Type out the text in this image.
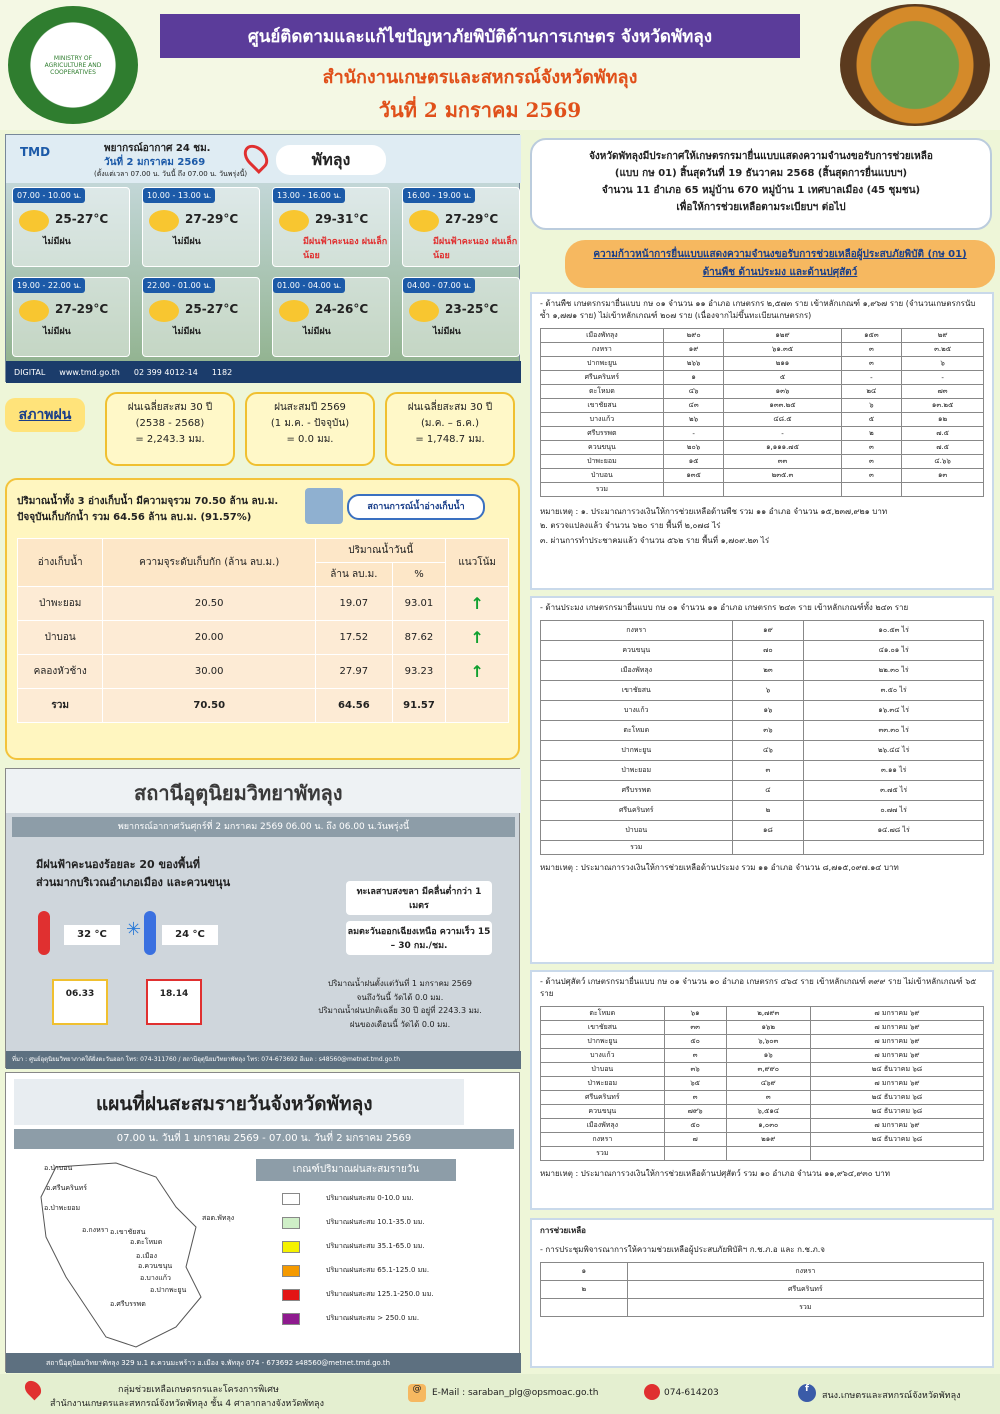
MINISTRY OF AGRICULTURE AND COOPERATIVES
ศูนย์ติดตามและแก้ไขปัญหาภัยพิบัติด้านการเกษตร จังหวัดพัทลุง
สำนักงานเกษตรและสหกรณ์จังหวัดพัทลุง
วันที่ 2 มกราคม 2569
TMD	พยากรณ์อากาศ 24 ชม.
วันที่ 2 มกราคม 2569
(ตั้งแต่เวลา 07.00 น. วันนี้ ถึง 07.00 น. วันพรุ่งนี้)
พัทลุง
07.00 - 10.00 น.
25-27°C
ไม่มีฝน
10.00 - 13.00 น.
27-29°C
ไม่มีฝน
13.00 - 16.00 น.
29-31°C
มีฝนฟ้าคะนอง ฝนเล็กน้อย
16.00 - 19.00 น.
27-29°C
มีฝนฟ้าคะนอง ฝนเล็กน้อย
19.00 - 22.00 น.
27-29°C
ไม่มีฝน
22.00 - 01.00 น.
25-27°C
ไม่มีฝน
01.00 - 04.00 น.
24-26°C
ไม่มีฝน
04.00 - 07.00 น.
23-25°C
ไม่มีฝน
DIGITAL www.tmd.go.th 02 399 4012-14 1182
สภาพฝน	ฝนเฉลี่ยสะสม 30 ปี
(2538 - 2568)
= 2,243.3 มม.
ฝนสะสมปี 2569
(1 ม.ค. - ปัจจุบัน)
= 0.0 มม.
ฝนเฉลี่ยสะสม 30 ปี
(ม.ค. – ธ.ค.)
= 1,748.7 มม.
ปริมาณน้ำทั้ง 3 อ่างเก็บน้ำ มีความจุรวม 70.50 ล้าน ลบ.ม.
ปัจจุบันเก็บกักน้ำ รวม 64.56 ล้าน ลบ.ม. (91.57%)
สถานการณ์น้ำอ่างเก็บน้ำ
อ่างเก็บน้ำ	ความจุระดับเก็บกัก (ล้าน ลบ.ม.)	ปริมาณน้ำวันนี้		แนวโน้ม
		ล้าน ลบ.ม.	%	
ป่าพะยอม	20.50	19.07	93.01	↑
ป่าบอน	20.00	17.52	87.62	↑
คลองหัวช้าง	30.00	27.97	93.23	↑
รวม	70.50	64.56	91.57	
สถานีอุตุนิยมวิทยาพัทลุง
พยากรณ์อากาศวันศุกร์ที่ 2 มกราคม 2569 06.00 น. ถึง 06.00 น.วันพรุ่งนี้
มีฝนฟ้าคะนองร้อยละ 20 ของพื้นที่
ส่วนมากบริเวณอำเภอเมือง และควนขนุน
ทะเลสาบสงขลา มีคลื่นต่ำกว่า 1 เมตร
ลมตะวันออกเฉียงเหนือ ความเร็ว 15 – 30 กม./ชม.
32 °C	✳	24 °C
06.33	18.14
ปริมาณน้ำฝนตั้งแต่วันที่ 1 มกราคม 2569
จนถึงวันนี้ วัดได้ 0.0 มม.
ปริมาณน้ำฝนปกติเฉลี่ย 30 ปี อยู่ที่ 2243.3 มม.
ฝนของเดือนนี้ วัดได้ 0.0 มม.
ที่มา : ศูนย์อุตุนิยมวิทยาภาคใต้ฝั่งตะวันออก โทร: 074-311760 / สถานีอุตุนิยมวิทยาพัทลุง โทร: 074-673692 อีเมล : s48560@metnet.tmd.go.th
แผนที่ฝนสะสมรายวันจังหวัดพัทลุง
07.00 น. วันที่ 1 มกราคม 2569 - 07.00 น. วันที่ 2 มกราคม 2569
อ.ป่าบอน
อ.ศรีนครินทร์
อ.ป่าพะยอม
อ.กงหรา อ.เขาชัยสน
อ.ตะโหมด
อ.เมือง
อ.ควนขนุน
อ.บางแก้ว
อ.ศรีบรรพต
อ.ปากพะยูน
สอต.พัทลุง
เกณฑ์ปริมาณฝนสะสมรายวัน
ปริมาณฝนสะสม 0-10.0 มม.
ปริมาณฝนสะสม 10.1-35.0 มม.
ปริมาณฝนสะสม 35.1-65.0 มม.
ปริมาณฝนสะสม 65.1-125.0 มม.
ปริมาณฝนสะสม 125.1-250.0 มม.
ปริมาณฝนสะสม > 250.0 มม.
สถานีอุตุนิยมวิทยาพัทลุง 329 ม.1 ต.ควนมะพร้าว อ.เมือง จ.พัทลุง 074 - 673692 s48560@metnet.tmd.go.th
จังหวัดพัทลุงมีประกาศให้เกษตรกรมายื่นแบบแสดงความจำนงขอรับการช่วยเหลือ
(แบบ กษ 01) สิ้นสุดวันที่ 19 ธันวาคม 2568 (สิ้นสุดการยื่นแบบฯ)
จำนวน 11 อำเภอ 65 หมู่บ้าน 670 หมู่บ้าน 1 เทศบาลเมือง (45 ชุมชน)
เพื่อให้การช่วยเหลือตามระเบียบฯ ต่อไป
ความก้าวหน้าการยื่นแบบแสดงความจำนงขอรับการช่วยเหลือผู้ประสบภัยพิบัติ (กษ 01)
ด้านพืช ด้านประมง และด้านปศุสัตว์
- ด้านพืช เกษตรกรมายื่นแบบ กษ ๐๑ จำนวน ๑๑ อำเภอ เกษตรกร ๒,๕๗๓ ราย เข้าหลักเกณฑ์ ๑,๙๖๗ ราย (จำนวนเกษตรกรนับซ้ำ ๑,๗๗๑ ราย) ไม่เข้าหลักเกณฑ์ ๒๐๗ ราย (เนื่องจากไม่ขึ้นทะเบียนเกษตรกร)
เมืองพัทลุง	๒๙๐	๑๒๙	๑๕๓	๒๙
กงหรา	๑๙	๖๑.๓๕	๓	๓.๒๕
ปากพะยูน	๒๖๖	๒๑๑	๓	๖
ศรีนครินทร์	๑	๕	-	-
ตะโหมด	๔๖	๑๓๖	๒๔	๗๓
เขาชัยสน	๔๓	๑๓๓.๒๕	๖	๑๓.๒๕
บางแก้ว	๒๖	๔๘.๕	๕	๑๒
ศรีบรรพต	-	-	๒	๗.๕
ควนขนุน	๒๐๖	๑,๑๑๑.๗๕	๓	๗.๕
ป่าพะยอม	๑๕	๓๓	๓	๔.๖๖
ป่าบอน	๑๓๕	๒๓๕.๓	๓	๑๓
รวม				
หมายเหตุ : ๑. ประมาณการวงเงินให้การช่วยเหลือด้านพืช รวม ๑๑ อำเภอ จำนวน ๑๕,๒๓๗,๙๒๑ บาท
๒. ตรวจแปลงแล้ว จำนวน ๖๒๐ ราย พื้นที่ ๒,๐๗๘ ไร่
๓. ผ่านการทำประชาคมแล้ว จำนวน ๕๖๒ ราย พื้นที่ ๑,๗๐๙.๒๓ ไร่
- ด้านประมง เกษตรกรมายื่นแบบ กษ ๐๑ จำนวน ๑๑ อำเภอ เกษตรกร ๒๔๓ ราย เข้าหลักเกณฑ์ทั้ง ๒๔๓ ราย
กงหรา	๑๙	๑๐.๕๓ ไร่
ควนขนุน	๗๐	๔๑.๐๑ ไร่
เมืองพัทลุง	๒๓	๒๒.๓๐ ไร่
เขาชัยสน	๖	๓.๕๐ ไร่
บางแก้ว	๑๖	๑๖.๓๔ ไร่
ตะโหมด	๓๖	๓๓.๓๐ ไร่
ปากพะยูน	๔๖	๒๖.๔๔ ไร่
ป่าพะยอม	๓	๓.๑๑ ไร่
ศรีบรรพต	๔	๓.๗๕ ไร่
ศรีนครินทร์	๒	๐.๗๗ ไร่
ป่าบอน	๑๘	๑๔.๗๘ ไร่
รวม		
หมายเหตุ : ประมาณการวงเงินให้การช่วยเหลือด้านประมง รวม ๑๑ อำเภอ จำนวน ๘,๗๑๕,๐๙๗.๑๔ บาท
- ด้านปศุสัตว์ เกษตรกรมายื่นแบบ กษ ๐๑ จำนวน ๑๐ อำเภอ เกษตรกร ๔๖๔ ราย เข้าหลักเกณฑ์ ๓๙๙ ราย ไม่เข้าหลักเกณฑ์ ๖๕ ราย
ตะโหมด	๖๑	๒,๗๙๓	๗ มกราคม ๖๙
เขาชัยสน	๓๓	๑๖๒	๗ มกราคม ๖๙
ปากพะยูน	๕๐	๖,๖๐๓	๗ มกราคม ๖๙
บางแก้ว	๓	๑๖	๗ มกราคม ๖๙
ป่าบอน	๓๖	๓,๙๙๐	๒๔ ธันวาคม ๖๘
ป่าพะยอม	๖๕	๔๖๙	๗ มกราคม ๖๙
ศรีนครินทร์	๓	๓	๒๔ ธันวาคม ๖๘
ควนขนุน	๗๙๖	๖,๕๑๔	๒๔ ธันวาคม ๖๘
เมืองพัทลุง	๕๐	๑,๐๓๐	๗ มกราคม ๖๙
กงหรา	๗	๒๑๙	๒๔ ธันวาคม ๖๘
รวม			
หมายเหตุ : ประมาณการวงเงินให้การช่วยเหลือด้านปศุสัตว์ รวม ๑๐ อำเภอ จำนวน ๑๑,๙๖๔,๙๓๐ บาท
การช่วยเหลือ
- การประชุมพิจารณาการให้ความช่วยเหลือผู้ประสบภัยพิบัติฯ ก.ช.ภ.อ และ ก.ช.ภ.จ
๑	กงหรา
๒	ศรีนครินทร์
	รวม
กลุ่มช่วยเหลือเกษตรกรและโครงการพิเศษ
สำนักงานเกษตรและสหกรณ์จังหวัดพัทลุง ชั้น 4 ศาลากลางจังหวัดพัทลุง
@	E-Mail : saraban_plg@opsmoac.go.th	074-614203	f
สนง.เกษตรและสหกรณ์จังหวัดพัทลุง
